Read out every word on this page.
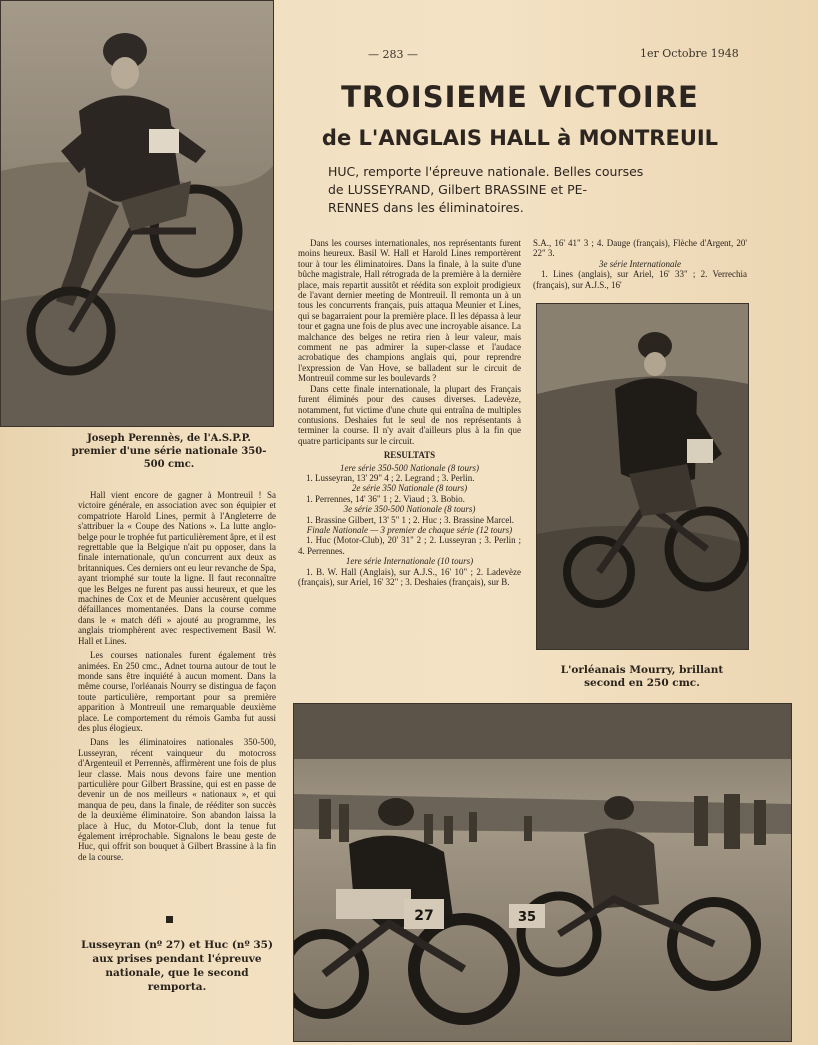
— 283 —	1er Octobre 1948
Joseph Perennès, de l'A.S.P.P. premier d'une série nationale 350-500 cmc.
TROISIEME VICTOIRE
de L'ANGLAIS HALL à MONTREUIL

HUC, remporte l'épreuve nationale. Belles courses

de LUSSEYRAND, Gilbert BRASSINE et PE-

RENNES dans les éliminatoires.

Hall vient encore de gagner à Montreuil ! Sa victoire générale, en association avec son équipier et compatriote Harold Lines, permit à l'Angleterre de s'attribuer la « Coupe des Nations ». La lutte anglo-belge pour le trophée fut particulièrement âpre, et il est regrettable que la Belgique n'ait pu opposer, dans la finale internationale, qu'un concurrent aux deux as britanniques. Ces derniers ont eu leur revanche de Spa, ayant triomphé sur toute la ligne. Il faut reconnaître que les Belges ne furent pas aussi heureux, et que les machines de Cox et de Meunier accusèrent quelques défaillances momentanées. Dans la course comme dans le « match défi » ajouté au programme, les anglais triomphèrent avec respectivement Basil W. Hall et Lines.

Les courses nationales furent également très animées. En 250 cmc., Adnet tourna autour de tout le monde sans être inquiété à aucun moment. Dans la même course, l'orléanais Nourry se distingua de façon toute particulière, remportant pour sa première apparition à Montreuil une remarquable deuxième place. Le comportement du rémois Gamba fut aussi des plus élogieux.

Dans les éliminatoires nationales 350-500, Lusseyran, récent vainqueur du motocross d'Argenteuil et Perrennès, affirmèrent une fois de plus leur classe. Mais nous devons faire une mention particulière pour Gilbert Brassine, qui est en passe de devenir un de nos meilleurs « nationaux », et qui manqua de peu, dans la finale, de rééditer son succès de la deuxième éliminatoire. Son abandon laissa la place à Huc, du Motor-Club, dont la tenue fut également irréprochable. Signalons le beau geste de Huc, qui offrit son bouquet à Gilbert Brassine à la fin de la course.

Lusseyran (nº 27) et Huc (nº 35) aux prises pendant l'épreuve nationale, que le second remporta.

Dans les courses internationales, nos représentants furent moins heureux. Basil W. Hall et Harold Lines remportèrent tour à tour les éliminatoires. Dans la finale, à la suite d'une bûche magistrale, Hall rétrograda de la première à la dernière place, mais repartit aussitôt et réédita son exploit prodigieux de l'avant dernier meeting de Montreuil. Il remonta un à un tous les concurrents français, puis attaqua Meunier et Lines, qui se bagarraient pour la première place. Il les dépassa à leur tour et gagna une fois de plus avec une incroyable aisance. La malchance des belges ne retira rien à leur valeur, mais comment ne pas admirer la super-classe et l'audace acrobatique des champions anglais qui, pour reprendre l'expression de Van Hove, se balladent sur le circuit de Montreuil comme sur les boulevards ?

Dans cette finale internationale, la plupart des Français furent éliminés pour des causes diverses. Ladevèze, notamment, fut victime d'une chute qui entraîna de multiples contusions. Deshaies fut le seul de nos représentants à terminer la course. Il n'y avait d'ailleurs plus à la fin que quatre participants sur le circuit.

RESULTATS

1ere série 350-500 Nationale (8 tours)

1. Lusseyran, 13' 29" 4 ; 2. Legrand ; 3. Perlin.

2e série 350 Nationale (8 tours)

1. Perrennes, 14' 36" 1 ; 2. Viaud ; 3. Bobio.

3e série 350-500 Nationale (8 tours)

1. Brassine Gilbert, 13' 5" 1 ; 2. Huc ; 3. Brassine Marcel.

Finale Nationale — 3 premier de chaque série (12 tours)

1. Huc (Motor-Club), 20' 31" 2 ; 2. Lusseyran ; 3. Perlin ; 4. Perrennes.

1ere série Internationale (10 tours)

1. B. W. Hall (Anglais), sur A.J.S., 16' 10" ; 2. Ladevèze (français), sur Ariel, 16' 32" ; 3. Deshaies (français), sur B.

S.A., 16' 41" 3 ; 4. Dauge (français), Flèche d'Argent, 20' 22" 3.

3e série Internationale

1. Lines (anglais), sur Ariel, 16' 33" ; 2. Verrechia (français), sur A.J.S., 16'

L'orléanais Mourry, brillant second en 250 cmc.
27	35
